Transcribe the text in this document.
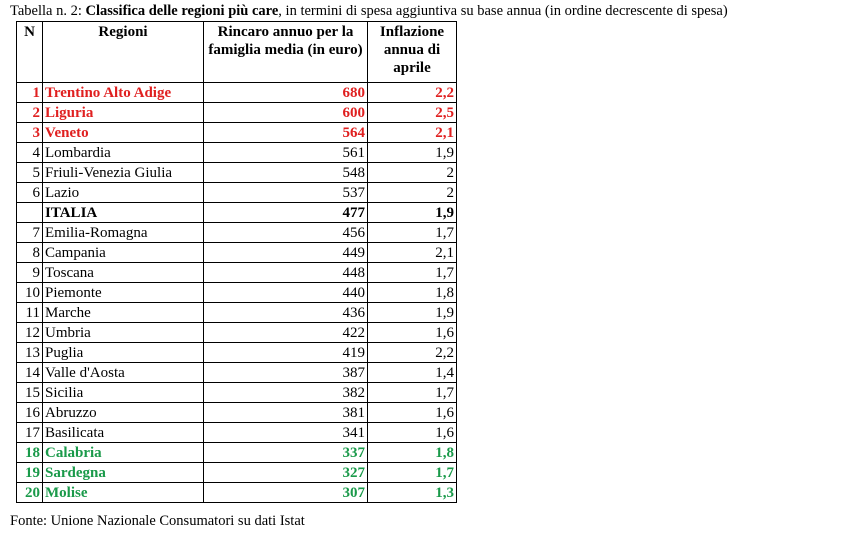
Tabella n. 2: Classifica delle regioni più care, in termini di spesa aggiuntiva su base annua (in ordine decrescente di spesa)
N	Regioni	Rincaro annuo per la famiglia media (in euro)	Inflazione annua di aprile
1	Trentino Alto Adige	680	2,2
2	Liguria	600	2,5
3	Veneto	564	2,1
4	Lombardia	561	1,9
5	Friuli-Venezia Giulia	548	2
6	Lazio	537	2
	ITALIA	477	1,9
7	Emilia-Romagna	456	1,7
8	Campania	449	2,1
9	Toscana	448	1,7
10	Piemonte	440	1,8
11	Marche	436	1,9
12	Umbria	422	1,6
13	Puglia	419	2,2
14	Valle d'Aosta	387	1,4
15	Sicilia	382	1,7
16	Abruzzo	381	1,6
17	Basilicata	341	1,6
18	Calabria	337	1,8
19	Sardegna	327	1,7
20	Molise	307	1,3
Fonte: Unione Nazionale Consumatori su dati Istat
